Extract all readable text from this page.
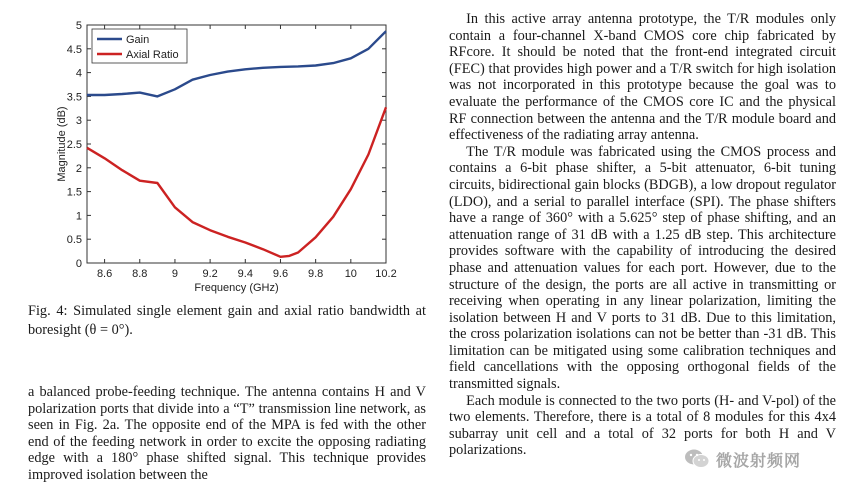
8.6 8.8 9 9.2 9.4 9.6 9.8 10 10.2
0
0.5
1
1.5
2
2.5
3
3.5
4
4.5
5
Frequency (GHz)
Magnitude (dB)
Gain
Axial Ratio
Fig. 4: Simulated single element gain and axial ratio bandwidth at boresight (θ = 0°).

a balanced probe-feeding technique. The antenna contains H and V polarization ports that divide into a “T” transmission line network, as seen in Fig. 2a. The opposite end of the MPA is fed with the other end of the feeding network in order to excite the opposing radiating edge with a 180° phase shifted signal. This technique provides improved isolation between the

In this active array antenna prototype, the T/R modules only contain a four-channel X-band CMOS core chip fabricated by RFcore. It should be noted that the front-end integrated circuit (FEC) that provides high power and a T/R switch for high isolation was not incorporated in this prototype because the goal was to evaluate the performance of the CMOS core IC and the physical RF connection between the antenna and the T/R module board and effectiveness of the radiating array antenna.

The T/R module was fabricated using the CMOS process and contains a 6-bit phase shifter, a 5-bit attenuator, 6-bit tuning circuits, bidirectional gain blocks (BDGB), a low dropout regulator (LDO), and a serial to parallel interface (SPI). The phase shifters have a range of 360° with a 5.625° step of phase shifting, and an attenuation range of 31 dB with a 1.25 dB step. This architecture provides software with the capability of introducing the desired phase and attenuation values for each port. However, due to the structure of the design, the ports are all active in transmitting or receiving when operating in any linear polarization, limiting the isolation between H and V ports to 31 dB. Due to this limitation, the cross polarization isolations can not be better than -31 dB. This limitation can be mitigated using some calibration techniques and field cancellations with the opposing orthogonal fields of the transmitted signals.

Each module is connected to the two ports (H- and V-pol) of the two elements. Therefore, there is a total of 8 modules for this 4x4 subarray unit cell and a total of 32 ports for both H and V polarizations.

微波射频网
